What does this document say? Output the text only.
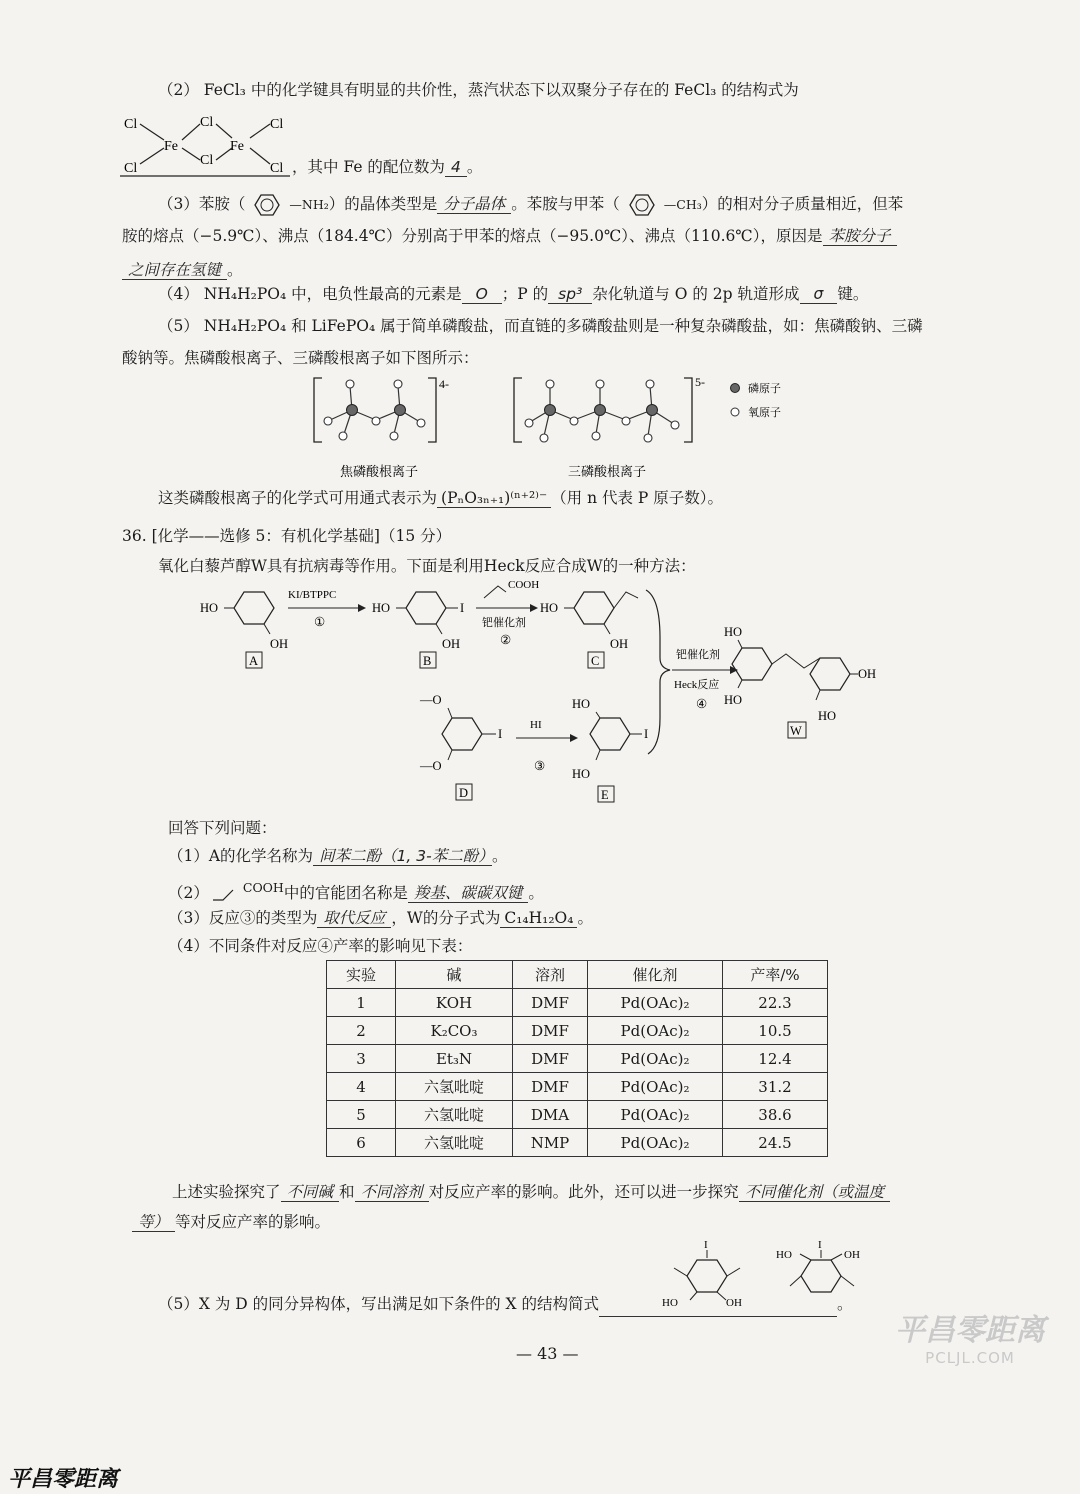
（2） FeCl₃ 中的化学键具有明显的共价性，蒸汽状态下以双聚分子存在的 FeCl₃ 的结构式为
Cl
Cl
Fe
Cl
Cl
Fe
Cl
Cl ，其中 Fe 的配位数为 4 。
（3）苯胺（	—NH₂）的晶体类型是 分子晶体 。苯胺与甲苯（	—CH₃）的相对分子质量相近，但苯
胺的熔点（−5.9℃）、沸点（184.4℃）分别高于甲苯的熔点（−95.0℃）、沸点（110.6℃），原因是 苯胺分子
之间存在氢键 。
（4） NH₄H₂PO₄ 中，电负性最高的元素是 O ；P 的 sp³ 杂化轨道与 O 的 2p 轨道形成 σ 键。
（5） NH₄H₂PO₄ 和 LiFePO₄ 属于简单磷酸盐，而直链的多磷酸盐则是一种复杂磷酸盐，如：焦磷酸钠、三磷
酸钠等。焦磷酸根离子、三磷酸根离子如下图所示：
4-	5-	磷原子
氧原子
焦磷酸根离子	三磷酸根离子
这类磷酸根离子的化学式可用通式表示为 (PₙO₃ₙ₊₁)⁽ⁿ⁺²⁾⁻ （用 n 代表 P 原子数）。
36. [化学——选修 5：有机化学基础]（15 分）
氧化白藜芦醇W具有抗病毒等作用。下面是利用Heck反应合成W的一种方法：
HO
OH
A
KI/BTPPC
①
HO	I
OH
B
COOH
钯催化剂
②
HO
OH
C	钯催化剂
Heck反应
④
HO
HO
OH
HO
W
—O
—O
I
D
HI
③
HO
HO
I
E
回答下列问题：
（1）A的化学名称为 间苯二酚（1, 3-苯二酚） 。
（2）	$^{COOH}$中的官能团名称是 羧基、碳碳双键 。
（3）反应③的类型为 取代反应 ，W的分子式为 C₁₄H₁₂O₄ 。
（4）不同条件对反应④产率的影响见下表：
实验	碱	溶剂	催化剂	产率/%
1	KOH	DMF	Pd(OAc)₂	22.3
2	K₂CO₃	DMF	Pd(OAc)₂	10.5
3	Et₃N	DMF	Pd(OAc)₂	12.4
4	六氢吡啶	DMF	Pd(OAc)₂	31.2
5	六氢吡啶	DMA	Pd(OAc)₂	38.6
6	六氢吡啶	NMP	Pd(OAc)₂	24.5
上述实验探究了 不同碱 和 不同溶剂 对反应产率的影响。此外，还可以进一步探究 不同催化剂（或温度
等） 等对反应产率的影响。
I
HO	OH
I
HO	OH
（5）X 为 D 的同分异构体，写出满足如下条件的 X 的结构简式	。
— 43 —
平昌零距离
PCLJL.COM
平昌零距离
